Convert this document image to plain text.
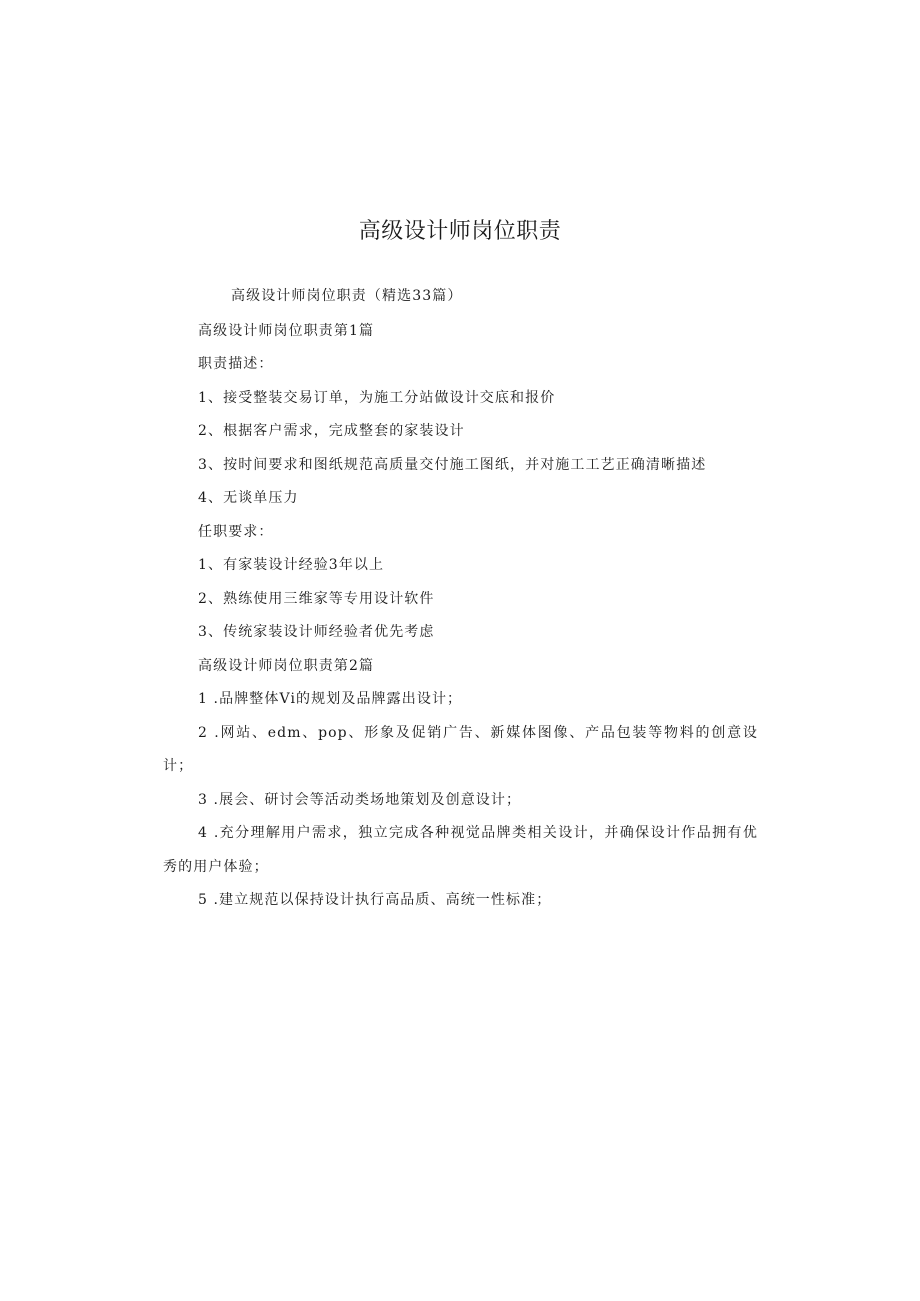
高级设计师岗位职责

高级设计师岗位职责（精选33篇）

高级设计师岗位职责第1篇

职责描述：

1、接受整装交易订单，为施工分站做设计交底和报价

2、根据客户需求，完成整套的家装设计

3、按时间要求和图纸规范高质量交付施工图纸，并对施工工艺正确清晰描述

4、无谈单压力

任职要求：

1、有家装设计经验3年以上

2、熟练使用三维家等专用设计软件

3、传统家装设计师经验者优先考虑

高级设计师岗位职责第2篇

1 .品牌整体Vi的规划及品牌露出设计；

2 .网站、edm、pop、形象及促销广告、新媒体图像、产品包装等物料的创意设计；

3 .展会、研讨会等活动类场地策划及创意设计；

4 .充分理解用户需求，独立完成各种视觉品牌类相关设计，并确保设计作品拥有优秀的用户体验；

5 .建立规范以保持设计执行高品质、高统一性标准；
